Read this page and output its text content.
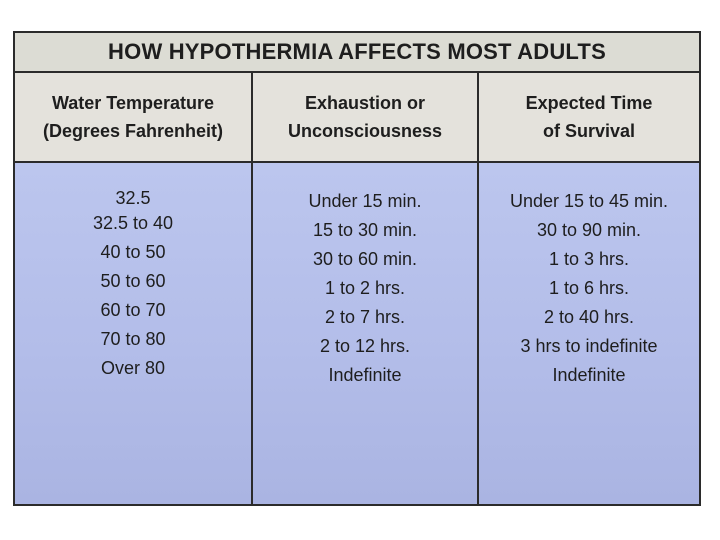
HOW HYPOTHERMIA AFFECTS MOST ADULTS
Water Temperature
(Degrees Fahrenheit)
Exhaustion or
Unconsciousness
Expected Time
of Survival
32.5
32.5 to 40
40 to 50
50 to 60
60 to 70
70 to 80
Over 80
Under 15 min.
15 to 30 min.
30 to 60 min.
1 to 2 hrs.
2 to 7 hrs.
2 to 12 hrs.
Indefinite
Under 15 to 45 min.
30 to 90 min.
1 to 3 hrs.
1 to 6 hrs.
2 to 40 hrs.
3 hrs to indefinite
Indefinite
